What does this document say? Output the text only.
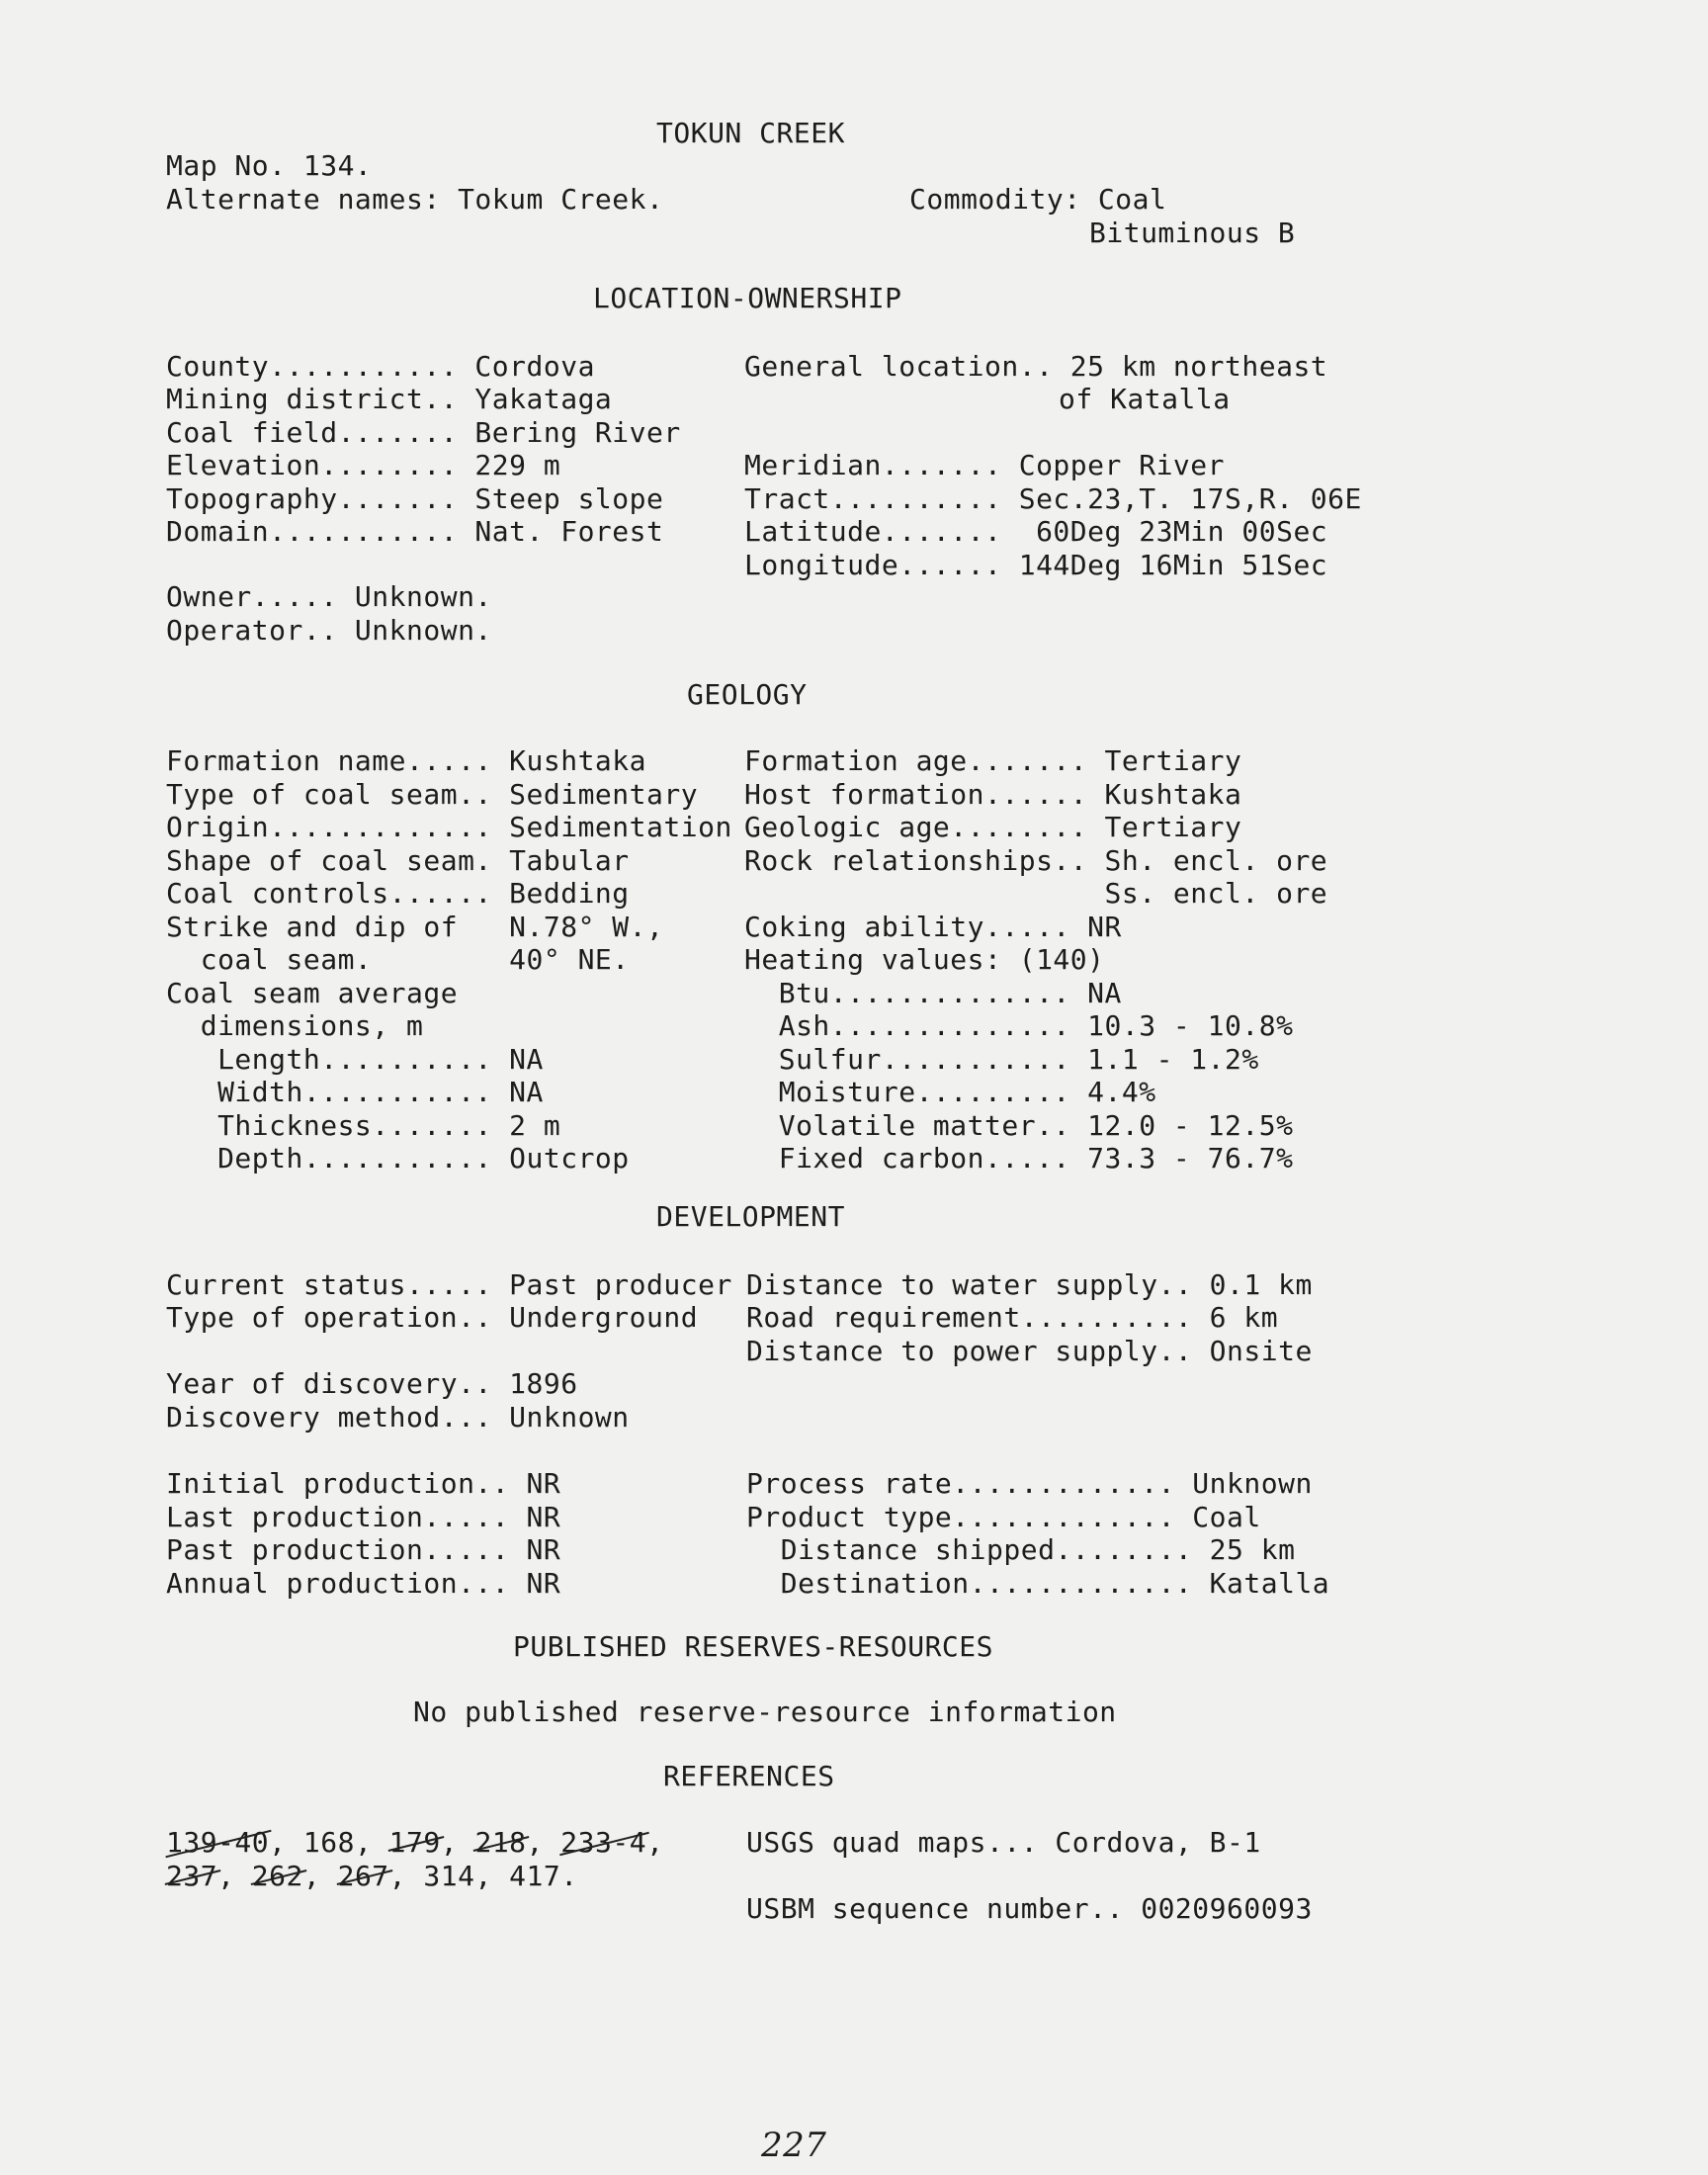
TOKUN CREEK
Map No. 134.
Alternate names: Tokum Creek.	Commodity: Coal
Bituminous B
LOCATION-OWNERSHIP
County........... Cordova
Mining district.. Yakataga
Coal field....... Bering River
Elevation........ 229 m
Topography....... Steep slope
Domain........... Nat. Forest
General location.. 25 km northeast
of Katalla
Meridian....... Copper River
Tract.......... Sec.23,T. 17S,R. 06E
Latitude.......  60Deg 23Min 00Sec
Longitude...... 144Deg 16Min 51Sec
Owner..... Unknown.
Operator.. Unknown.
GEOLOGY
Formation name..... Kushtaka
Type of coal seam.. Sedimentary
Origin............. Sedimentation
Shape of coal seam. Tabular
Coal controls...... Bedding
Strike and dip of   N.78° W.,
coal seam.        40° NE.
Coal seam average
dimensions, m
Length.......... NA
Width........... NA
Thickness....... 2 m
Depth........... Outcrop
Formation age....... Tertiary
Host formation...... Kushtaka
Geologic age........ Tertiary
Rock relationships.. Sh. encl. ore
Ss. encl. ore
Coking ability..... NR
Heating values: (140)
Btu.............. NA
Ash.............. 10.3 - 10.8%
Sulfur........... 1.1 - 1.2%
Moisture......... 4.4%
Volatile matter.. 12.0 - 12.5%
Fixed carbon..... 73.3 - 76.7%
DEVELOPMENT
Current status..... Past producer
Type of operation.. Underground
Year of discovery.. 1896
Discovery method... Unknown
Distance to water supply.. 0.1 km
Road requirement.......... 6 km
Distance to power supply.. Onsite
Initial production.. NR
Last production..... NR
Past production..... NR
Annual production... NR
Process rate............. Unknown
Product type............. Coal
Distance shipped........ 25 km
Destination............. Katalla
PUBLISHED RESERVES-RESOURCES
No published reserve-resource information
REFERENCES
139-40, 168, 179, 218, 233-4,
237, 262, 267, 314, 417.
USGS quad maps... Cordova, B-1
USBM sequence number.. 0020960093
227
